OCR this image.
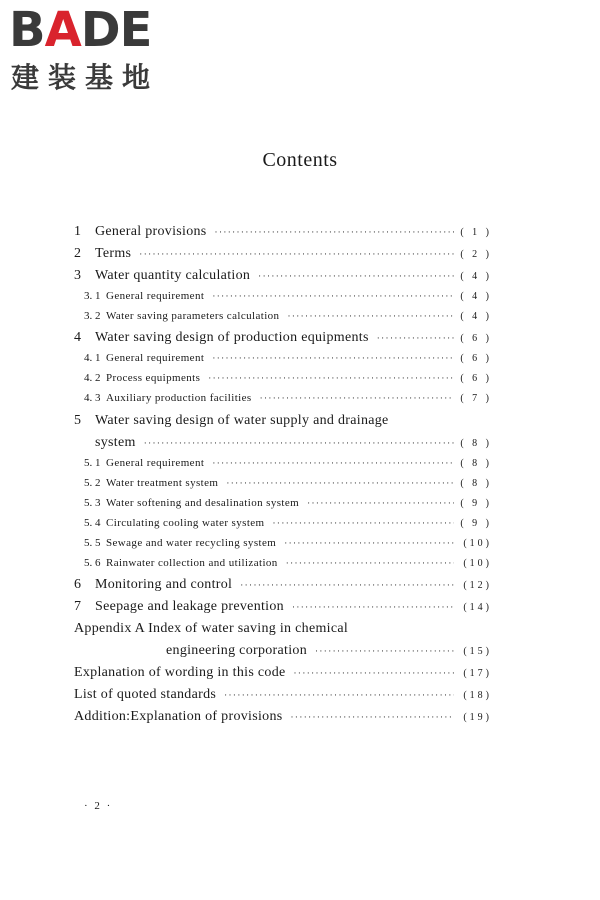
BADE
建装基地
Contents
1	General provisions ·····	( 1 )
2	Terms ·····	( 2 )
3	Water quantity calculation ·····	( 4 )
3. 1 General requirement ·····	( 4 )
3. 2 Water saving parameters calculation ·····	( 4 )
4	Water saving design of production equipments ·····	( 6 )
4. 1 General requirement ·····	( 6 )
4. 2 Process equipments ·····	( 6 )
4. 3 Auxiliary production facilities ·····	( 7 )
5 Water saving design of water supply and drainage
system ·····	( 8 )
5. 1 General requirement ·····	( 8 )
5. 2 Water treatment system ·····	( 8 )
5. 3 Water softening and desalination system ·····	( 9 )
5. 4 Circulating cooling water system ·····	( 9 )
5. 5 Sewage and water recycling system ·····	(10)
5. 6 Rainwater collection and utilization ·····	(10)
6	Monitoring and control ·····	(12)
7	Seepage and leakage prevention ·····	(14)
Appendix A Index of water saving in chemical
engineering corporation ·····	(15)
Explanation of wording in this code ·····	(17)
List of quoted standards ·····	(18)
Addition:Explanation of provisions ·····	(19)
· 2 ·
